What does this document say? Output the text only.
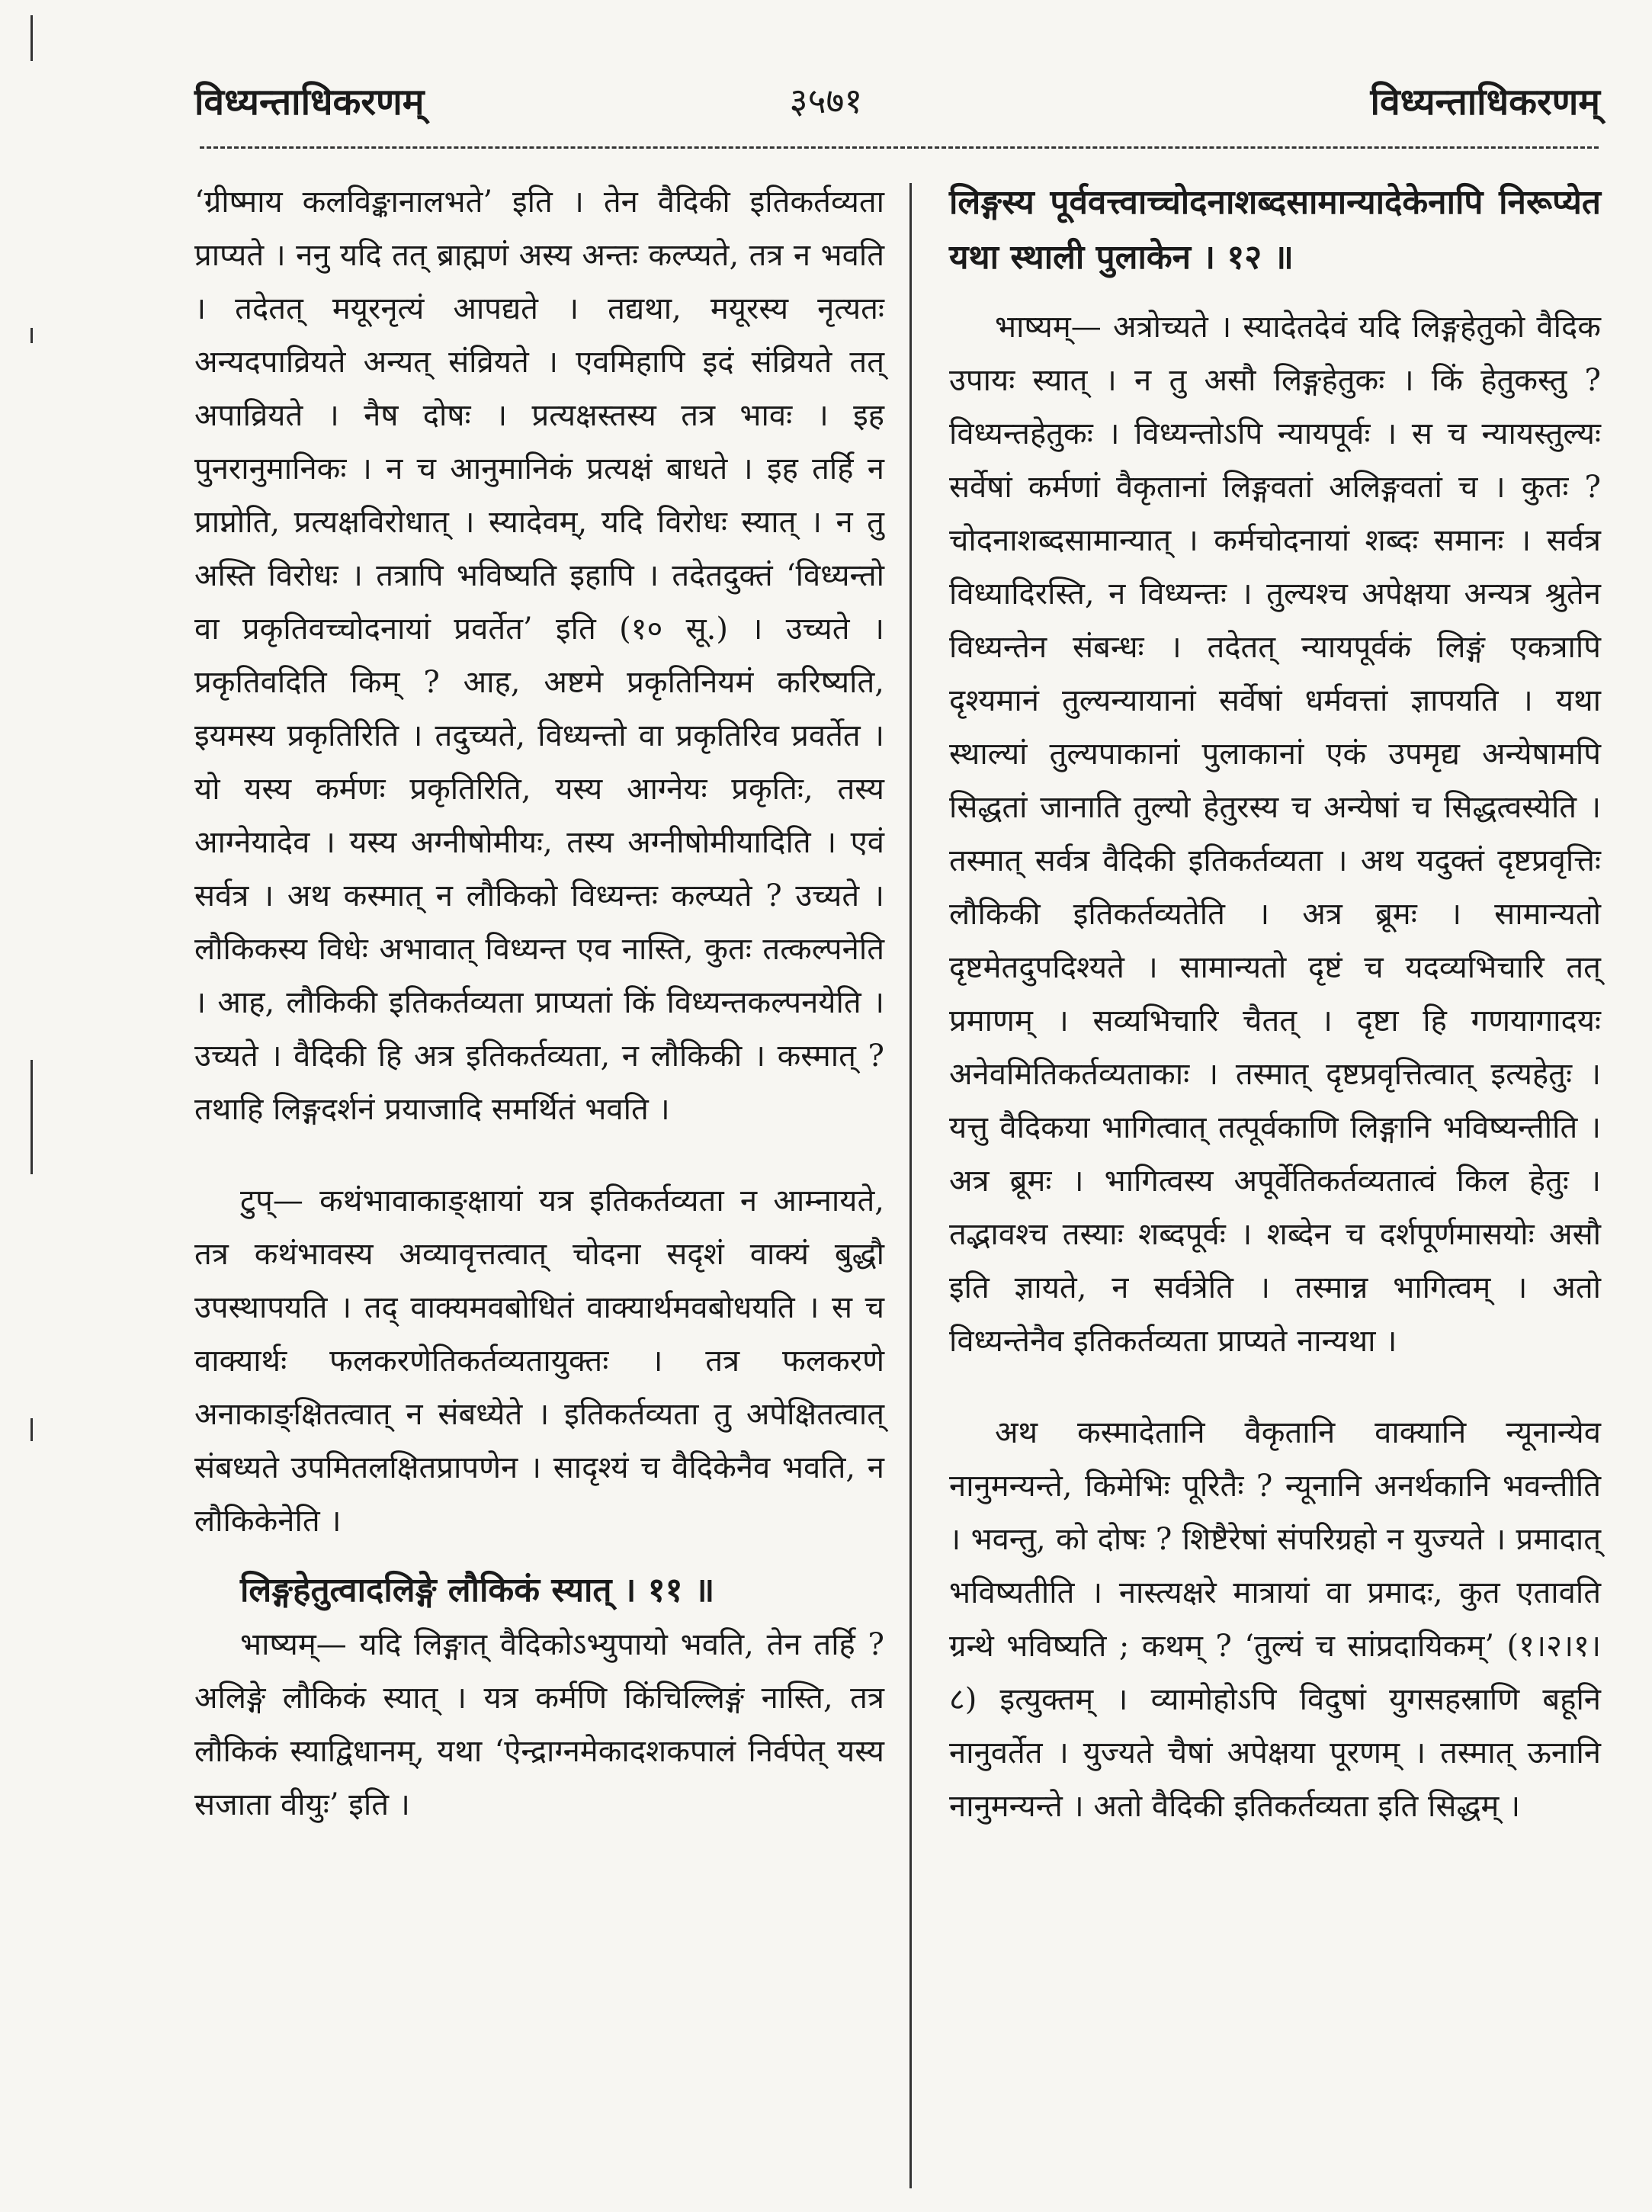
विध्यन्ताधिकरणम्	३५७१	विध्यन्ताधिकरणम्

‘ग्रीष्माय कलविङ्कानालभते’ इति । तेन वैदिकी इतिकर्तव्यता प्राप्यते । ननु यदि तत् ब्राह्मणं अस्य अन्तः कल्प्यते, तत्र न भवति । तदेतत् मयूरनृत्यं आपद्यते । तद्यथा, मयूरस्य नृत्यतः अन्यदपाव्रियते अन्यत् संव्रियते । एवमिहापि इदं संव्रियते तत् अपाव्रियते । नैष दोषः । प्रत्यक्षस्तस्य तत्र भावः । इह पुनरानुमानिकः । न च आनुमानिकं प्रत्यक्षं बाधते । इह तर्हि न प्राप्नोति, प्रत्यक्षविरोधात् । स्यादेवम्, यदि विरोधः स्यात् । न तु अस्ति विरोधः । तत्रापि भविष्यति इहापि । तदेतदुक्तं ‘विध्यन्तो वा प्रकृतिवच्चोदनायां प्रवर्तेत’ इति (१० सू.) । उच्यते । प्रकृतिवदिति किम् ? आह, अष्टमे प्रकृतिनियमं करिष्यति, इयमस्य प्रकृतिरिति । तदुच्यते, विध्यन्तो वा प्रकृतिरिव प्रवर्तेत । यो यस्य कर्मणः प्रकृतिरिति, यस्य आग्नेयः प्रकृतिः, तस्य आग्नेयादेव । यस्य अग्नीषोमीयः, तस्य अग्नीषोमीयादिति । एवं सर्वत्र । अथ कस्मात् न लौकिको विध्यन्तः कल्प्यते ? उच्यते । लौकिकस्य विधेः अभावात् विध्यन्त एव नास्ति, कुतः तत्कल्पनेति । आह, लौकिकी इतिकर्तव्यता प्राप्यतां किं विध्यन्तकल्पनयेति । उच्यते । वैदिकी हि अत्र इतिकर्तव्यता, न लौकिकी । कस्मात् ? तथाहि लिङ्गदर्शनं प्रयाजादि समर्थितं भवति ।

टुप्— कथंभावाकाङ्क्षायां यत्र इतिकर्तव्यता न आम्नायते, तत्र कथंभावस्य अव्यावृत्तत्वात् चोदना सदृशं वाक्यं बुद्धौ उपस्थापयति । तद् वाक्यमवबोधितं वाक्यार्थमवबोधयति । स च वाक्यार्थः फलकरणेतिकर्तव्यतायुक्तः । तत्र फलकरणे अनाकाङ्क्षितत्वात् न संबध्येते । इतिकर्तव्यता तु अपेक्षितत्वात् संबध्यते उपमितलक्षितप्रापणेन । सादृश्यं च वैदिकेनैव भवति, न लौकिकेनेति ।

लिङ्गहेतुत्वादलिङ्गे लौकिकं स्यात् । ११ ॥

भाष्यम्— यदि लिङ्गात् वैदिकोऽभ्युपायो भवति, तेन तर्हि ? अलिङ्गे लौकिकं स्यात् । यत्र कर्मणि किंचिल्लिङ्गं नास्ति, तत्र लौकिकं स्याद्विधानम्, यथा ‘ऐन्द्राग्नमेकादशकपालं निर्वपेत् यस्य सजाता वीयुः’ इति ।

लिङ्गस्य पूर्ववत्त्वाच्चोदनाशब्दसामान्यादेकेनापि निरूप्येत यथा स्थाली पुलाकेन । १२ ॥

भाष्यम्— अत्रोच्यते । स्यादेतदेवं यदि लिङ्गहेतुको वैदिक उपायः स्यात् । न तु असौ लिङ्गहेतुकः । किं हेतुकस्तु ? विध्यन्तहेतुकः । विध्यन्तोऽपि न्यायपूर्वः । स च न्यायस्तुल्यः सर्वेषां कर्मणां वैकृतानां लिङ्गवतां अलिङ्गवतां च । कुतः ? चोदनाशब्दसामान्यात् । कर्मचोदनायां शब्दः समानः । सर्वत्र विध्यादिरस्ति, न विध्यन्तः । तुल्यश्च अपेक्षया अन्यत्र श्रुतेन विध्यन्तेन संबन्धः । तदेतत् न्यायपूर्वकं लिङ्गं एकत्रापि दृश्यमानं तुल्यन्यायानां सर्वेषां धर्मवत्तां ज्ञापयति । यथा स्थाल्यां तुल्यपाकानां पुलाकानां एकं उपमृद्य अन्येषामपि सिद्धतां जानाति तुल्यो हेतुरस्य च अन्येषां च सिद्धत्वस्येति । तस्मात् सर्वत्र वैदिकी इतिकर्तव्यता । अथ यदुक्तं दृष्टप्रवृत्तिः लौकिकी इतिकर्तव्यतेति । अत्र ब्रूमः । सामान्यतो दृष्टमेतदुपदिश्यते । सामान्यतो दृष्टं च यदव्यभिचारि तत् प्रमाणम् । सव्यभिचारि चैतत् । दृष्टा हि गणयागादयः अनेवमितिकर्तव्यताकाः । तस्मात् दृष्टप्रवृत्तित्वात् इत्यहेतुः । यत्तु वैदिकया भागित्वात् तत्पूर्वकाणि लिङ्गानि भविष्यन्तीति । अत्र ब्रूमः । भागित्वस्य अपूर्वेतिकर्तव्यतात्वं किल हेतुः । तद्भावश्च तस्याः शब्दपूर्वः । शब्देन च दर्शपूर्णमासयोः असौ इति ज्ञायते, न सर्वत्रेति । तस्मान्न भागित्वम् । अतो विध्यन्तेनैव इतिकर्तव्यता प्राप्यते नान्यथा ।

अथ कस्मादेतानि वैकृतानि वाक्यानि न्यूनान्येव नानुमन्यन्ते, किमेभिः पूरितैः ? न्यूनानि अनर्थकानि भवन्तीति । भवन्तु, को दोषः ? शिष्टैरेषां संपरिग्रहो न युज्यते । प्रमादात् भविष्यतीति । नास्त्यक्षरे मात्रायां वा प्रमादः, कुत एतावति ग्रन्थे भविष्यति ; कथम् ? ‘तुल्यं च सांप्रदायिकम्’ (१।२।१।८) इत्युक्तम् । व्यामोहोऽपि विदुषां युगसहस्राणि बहूनि नानुवर्तेत । युज्यते चैषां अपेक्षया पूरणम् । तस्मात् ऊनानि नानुमन्यन्ते । अतो वैदिकी इतिकर्तव्यता इति सिद्धम् ।
